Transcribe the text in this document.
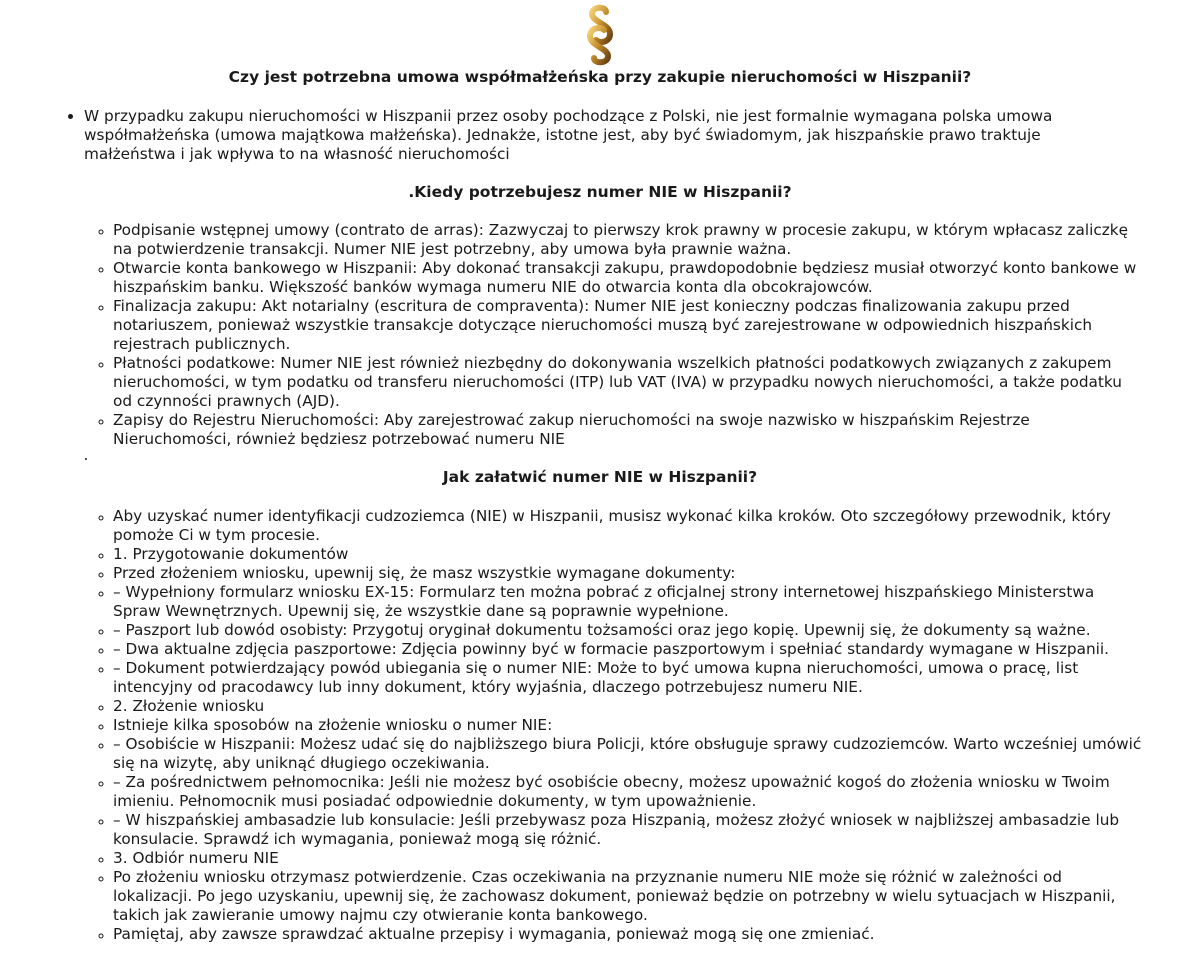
Czy jest potrzebna umowa współmałżeńska przy zakupie nieruchomości w Hiszpanii?
• W przypadku zakupu nieruchomości w Hiszpanii przez osoby pochodzące z Polski, nie jest formalnie wymagana polska umowa współmałżeńska (umowa majątkowa małżeńska). Jednakże, istotne jest, aby być świadomym, jak hiszpańskie prawo traktuje małżeństwa i jak wpływa to na własność nieruchomości
.Kiedy potrzebujesz numer NIE w Hiszpanii?
◦ Podpisanie wstępnej umowy (contrato de arras): Zazwyczaj to pierwszy krok prawny w procesie zakupu, w którym wpłacasz zaliczkę na potwierdzenie transakcji. Numer NIE jest potrzebny, aby umowa była prawnie ważna.
◦ Otwarcie konta bankowego w Hiszpanii: Aby dokonać transakcji zakupu, prawdopodobnie będziesz musiał otworzyć konto bankowe w hiszpańskim banku. Większość banków wymaga numeru NIE do otwarcia konta dla obcokrajowców.
◦ Finalizacja zakupu: Akt notarialny (escritura de compraventa): Numer NIE jest konieczny podczas finalizowania zakupu przed notariuszem, ponieważ wszystkie transakcje dotyczące nieruchomości muszą być zarejestrowane w odpowiednich hiszpańskich rejestrach publicznych.
◦ Płatności podatkowe: Numer NIE jest również niezbędny do dokonywania wszelkich płatności podatkowych związanych z zakupem nieruchomości, w tym podatku od transferu nieruchomości (ITP) lub VAT (IVA) w przypadku nowych nieruchomości, a także podatku od czynności prawnych (AJD).
◦ Zapisy do Rejestru Nieruchomości: Aby zarejestrować zakup nieruchomości na swoje nazwisko w hiszpańskim Rejestrze Nieruchomości, również będziesz potrzebować numeru NIE
Jak załatwić numer NIE w Hiszpanii?
◦ Aby uzyskać numer identyfikacji cudzoziemca (NIE) w Hiszpanii, musisz wykonać kilka kroków. Oto szczegółowy przewodnik, który pomoże Ci w tym procesie.
◦ 1. Przygotowanie dokumentów
◦ Przed złożeniem wniosku, upewnij się, że masz wszystkie wymagane dokumenty:
◦ – Wypełniony formularz wniosku EX-15: Formularz ten można pobrać z oficjalnej strony internetowej hiszpańskiego Ministerstwa Spraw Wewnętrznych. Upewnij się, że wszystkie dane są poprawnie wypełnione.
◦ – Paszport lub dowód osobisty: Przygotuj oryginał dokumentu tożsamości oraz jego kopię. Upewnij się, że dokumenty są ważne.
◦ – Dwa aktualne zdjęcia paszportowe: Zdjęcia powinny być w formacie paszportowym i spełniać standardy wymagane w Hiszpanii.
◦ – Dokument potwierdzający powód ubiegania się o numer NIE: Może to być umowa kupna nieruchomości, umowa o pracę, list intencyjny od pracodawcy lub inny dokument, który wyjaśnia, dlaczego potrzebujesz numeru NIE.
◦ 2. Złożenie wniosku
◦ Istnieje kilka sposobów na złożenie wniosku o numer NIE:
◦ – Osobiście w Hiszpanii: Możesz udać się do najbliższego biura Policji, które obsługuje sprawy cudzoziemców. Warto wcześniej umówić się na wizytę, aby uniknąć długiego oczekiwania.
◦ – Za pośrednictwem pełnomocnika: Jeśli nie możesz być osobiście obecny, możesz upoważnić kogoś do złożenia wniosku w Twoim imieniu. Pełnomocnik musi posiadać odpowiednie dokumenty, w tym upoważnienie.
◦ – W hiszpańskiej ambasadzie lub konsulacie: Jeśli przebywasz poza Hiszpanią, możesz złożyć wniosek w najbliższej ambasadzie lub konsulacie. Sprawdź ich wymagania, ponieważ mogą się różnić.
◦ 3. Odbiór numeru NIE
◦ Po złożeniu wniosku otrzymasz potwierdzenie. Czas oczekiwania na przyznanie numeru NIE może się różnić w zależności od lokalizacji. Po jego uzyskaniu, upewnij się, że zachowasz dokument, ponieważ będzie on potrzebny w wielu sytuacjach w Hiszpanii, takich jak zawieranie umowy najmu czy otwieranie konta bankowego.
◦ Pamiętaj, aby zawsze sprawdzać aktualne przepisy i wymagania, ponieważ mogą się one zmieniać.
